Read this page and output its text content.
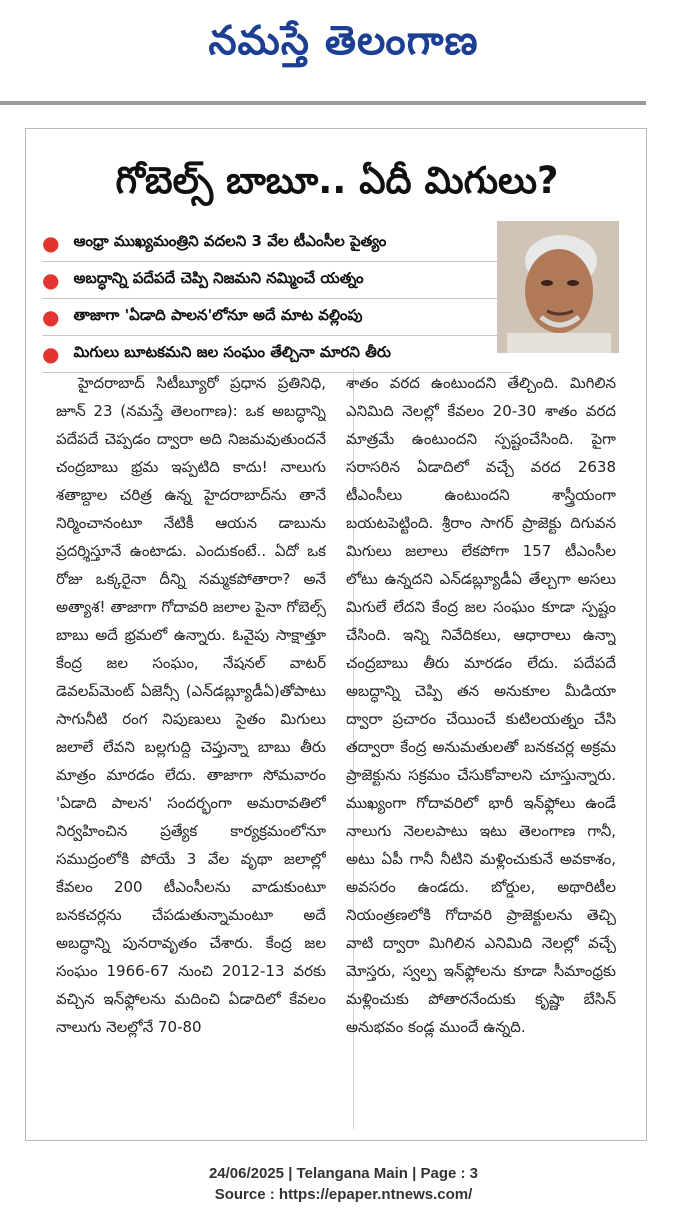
నమస్తే తెలంగాణ
గోబెల్స్ బాబూ.. ఏదీ మిగులు?
● ఆంధ్రా ముఖ్యమంత్రిని వదలని 3 వేల టీఎంసీల పైత్యం
● అబద్ధాన్ని పదేపదే చెప్పి నిజమని నమ్మించే యత్నం
● తాజాగా 'ఏడాది పాలన'లోనూ అదే మాట వల్లింపు
● మిగులు బూటకమని జల సంఘం తేల్చినా మారని తీరు

హైదరాబాద్ సిటీబ్యూరో ప్రధాన ప్రతినిధి, జూన్ 23 (నమస్తే తెలంగాణ): ఒక అబద్ధాన్ని పదేపదే చెప్పడం ద్వారా అది నిజమవుతుందనే చంద్రబాబు భ్రమ ఇప్పటిది కాదు! నాలుగు శతాబ్దాల చరిత్ర ఉన్న హైదరాబాద్‌ను తానే నిర్మించానంటూ నేటికీ ఆయన డాబును ప్రదర్శిస్తూనే ఉంటాడు. ఎందుకంటే.. ఏదో ఒక రోజు ఒక్కరైనా దీన్ని నమ్మకపోతారా? అనే అత్యాశ! తాజాగా గోదావరి జలాల పైనా గోబెల్స్ బాబు అదే భ్రమలో ఉన్నారు. ఓవైపు సాక్షాత్తూ కేంద్ర జల సంఘం, నేషనల్ వాటర్ డెవలప్‌మెంట్ ఏజెన్సీ (ఎన్‌డబ్ల్యూడీఏ)తోపాటు సాగునీటి రంగ నిపుణులు సైతం మిగులు జలాలే లేవని బల్లగుద్ది చెప్తున్నా బాబు తీరు మాత్రం మారడం లేదు. తాజాగా సోమవారం 'ఏడాది పాలన' సందర్భంగా అమరావతిలో నిర్వహించిన ప్రత్యేక కార్యక్రమంలోనూ సముద్రంలోకి పోయే 3 వేల వృథా జలాల్లో కేవలం 200 టీఎంసీలను వాడుకుంటూ బనకచర్లను చేపడుతున్నామంటూ అదే అబద్ధాన్ని పునరావృతం చేశారు. కేంద్ర జల సంఘం 1966-67 నుంచి 2012-13 వరకు వచ్చిన ఇన్‌ఫ్లోలను మదించి ఏడాదిలో కేవలం నాలుగు నెలల్లోనే 70-80

శాతం వరద ఉంటుందని తేల్చింది. మిగిలిన ఎనిమిది నెలల్లో కేవలం 20-30 శాతం వరద మాత్రమే ఉంటుందని స్పష్టంచేసింది. పైగా సరాసరిన ఏడాదిలో వచ్చే వరద 2638 టీఎంసీలు ఉంటుందని శాస్త్రీయంగా బయటపెట్టింది. శ్రీరాం సాగర్ ప్రాజెక్టు దిగువన మిగులు జలాలు లేకపోగా 157 టీఎంసీల లోటు ఉన్నదని ఎన్‌డబ్ల్యూడీఏ తేల్చగా అసలు మిగులే లేదని కేంద్ర జల సంఘం కూడా స్పష్టం చేసింది. ఇన్ని నివేదికలు, ఆధారాలు ఉన్నా చంద్రబాబు తీరు మారడం లేదు. పదేపదే అబద్ధాన్ని చెప్పి తన అనుకూల మీడియా ద్వారా ప్రచారం చేయించే కుటిలయత్నం చేసి తద్వారా కేంద్ర అనుమతులతో బనకచర్ల అక్రమ ప్రాజెక్టును సక్రమం చేసుకోవాలని చూస్తున్నారు. ముఖ్యంగా గోదావరిలో భారీ ఇన్‌ఫ్లోలు ఉండే నాలుగు నెలలపాటు ఇటు తెలంగాణ గానీ, అటు ఏపీ గానీ నీటిని మళ్లించుకునే అవకాశం, అవసరం ఉండదు. బోర్డుల, అథారిటీల నియంత్రణలోకి గోదావరి ప్రాజెక్టులను తెచ్చి వాటి ద్వారా మిగిలిన ఎనిమిది నెలల్లో వచ్చే మోస్తరు, స్వల్ప ఇన్‌ఫ్లోలను కూడా సీమాంధ్రకు మళ్లించుకు పోతారనేందుకు కృష్ణా బేసిన్ అనుభవం కండ్ల ముందే ఉన్నది.

24/06/2025 | Telangana Main | Page : 3
Source : https://epaper.ntnews.com/
